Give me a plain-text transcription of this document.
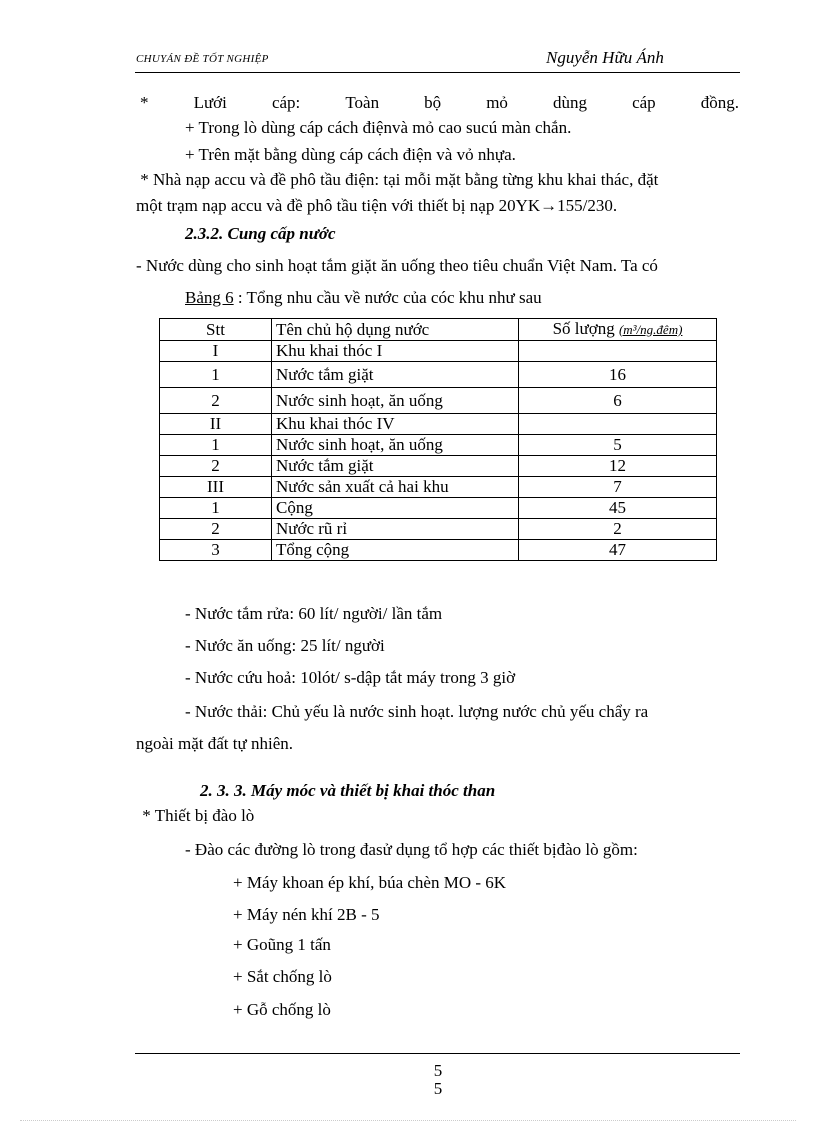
CHUYÁN ĐỀ TỐT NGHIỆP	Nguyễn Hữu Ánh
*	Lưới	cáp:	Toàn	bộ	mỏ	dùng	cáp	đồng.
+ Trong lò dùng cáp cách điệnvà mỏ cao sucú màn chắn.
+ Trên mặt bằng dùng cáp cách điện và vỏ nhựa.
* Nhà nạp accu và đề phô tầu điện: tại mỗi mặt bằng từng khu khai thác, đặt
một trạm nạp accu và đề phô tầu tiện với thiết bị nạp 20YK→155/230.
2.3.2. Cung cấp nước
- Nước dùng cho sinh hoạt tắm giặt ăn uống theo tiêu chuẩn Việt Nam. Ta có
Bảng 6 : Tổng nhu cầu về nước của cóc khu như sau
Stt	Tên chủ hộ dụng nước	Số lượng (m³/ng.đêm)
I	Khu khai thóc I	
1	Nước tắm giặt	16
2	Nước sinh hoạt, ăn uống	6
II	Khu khai thóc IV	
1	Nước sinh hoạt, ăn uống	5
2	Nước tắm giặt	12
III	Nước sản xuất cả hai khu	7
1	Cộng	45
2	Nước rũ rỉ	2
3	Tổng cộng	47
- Nước tắm rửa: 60 lít/ người/ lần tắm
- Nước ăn uống: 25 lít/ người
- Nước cứu hoả: 10lót/ s-dập tắt máy trong 3 giờ
- Nước thải: Chủ yếu là nước sinh hoạt. lượng nước chủ yếu chẩy ra
ngoài mặt đất tự nhiên.
2. 3. 3. Máy móc và thiết bị khai thóc than
* Thiết bị đào lò
- Đào các đường lò trong đasử dụng tổ hợp các thiết bịđào lò gồm:
+ Máy khoan ép khí, búa chèn MO - 6K
+ Máy nén khí 2B - 5
+ Goũng 1 tấn
+ Sắt chống lò
+ Gỗ chống lò
5
5
